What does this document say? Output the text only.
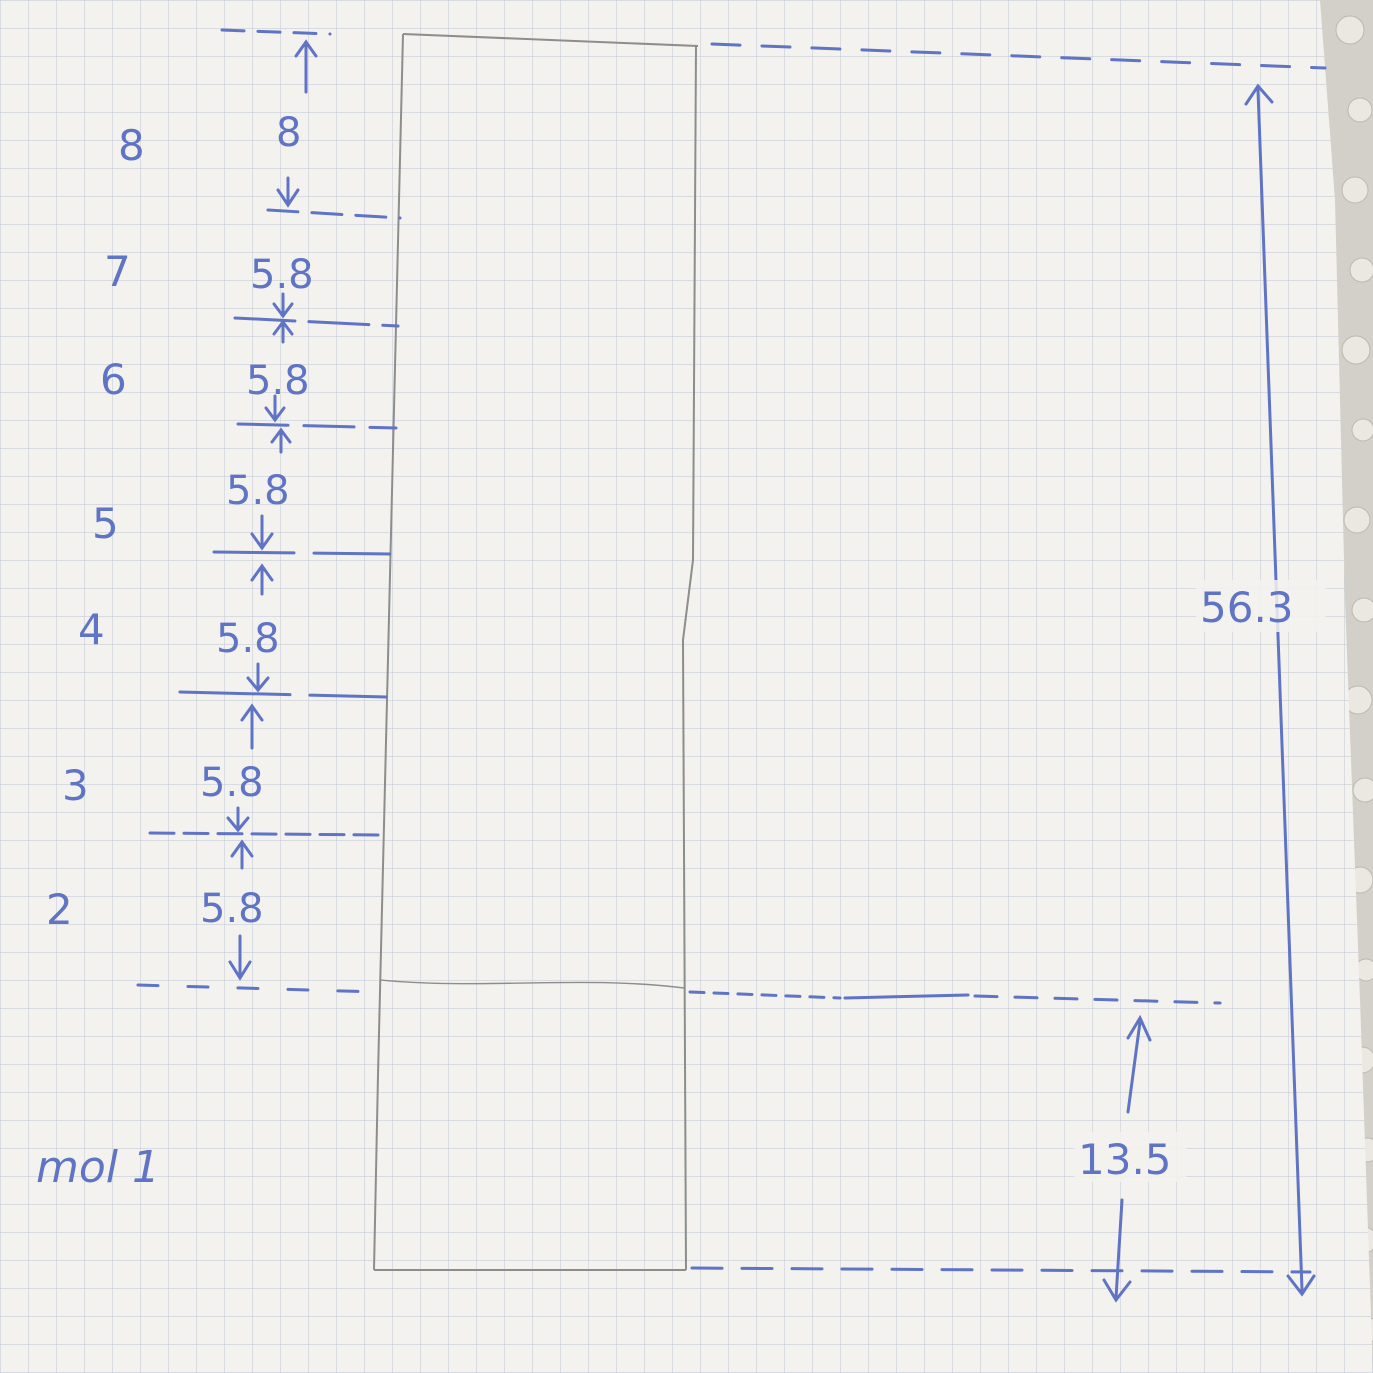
8
7
6
5
4
3
2
8
5.8
5.8
5.8
5.8
5.8
5.8
56.3
13.5
mol 1
